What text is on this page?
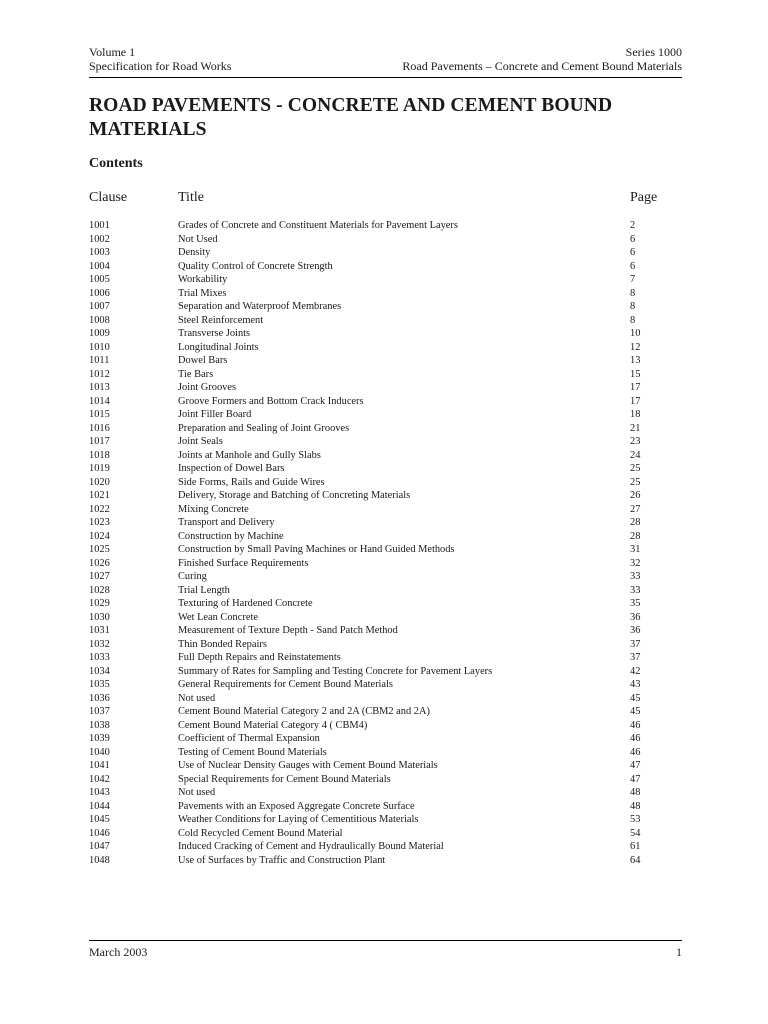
Volume 1	Series 1000
Specification for Road Works	Road Pavements – Concrete and Cement Bound Materials
ROAD PAVEMENTS - CONCRETE AND CEMENT BOUND MATERIALS
Contents
Clause	Title	Page
1001	Grades of Concrete and Constituent Materials for Pavement Layers	2
1002	Not Used	6
1003	Density	6
1004	Quality Control of Concrete Strength	6
1005	Workability	7
1006	Trial Mixes	8
1007	Separation and Waterproof Membranes	8
1008	Steel Reinforcement	8
1009	Transverse Joints	10
1010	Longitudinal Joints	12
1011	Dowel Bars	13
1012	Tie Bars	15
1013	Joint Grooves	17
1014	Groove Formers and Bottom Crack Inducers	17
1015	Joint Filler Board	18
1016	Preparation and Sealing of Joint Grooves	21
1017	Joint Seals	23
1018	Joints at Manhole and Gully Slabs	24
1019	Inspection of Dowel Bars	25
1020	Side Forms, Rails and Guide Wires	25
1021	Delivery, Storage and Batching of Concreting Materials	26
1022	Mixing Concrete	27
1023	Transport and Delivery	28
1024	Construction by Machine	28
1025	Construction by Small Paving Machines or Hand Guided Methods	31
1026	Finished Surface Requirements	32
1027	Curing	33
1028	Trial Length	33
1029	Texturing of Hardened Concrete	35
1030	Wet Lean Concrete	36
1031	Measurement of Texture Depth - Sand Patch Method	36
1032	Thin Bonded Repairs	37
1033	Full Depth Repairs and Reinstatements	37
1034	Summary of Rates for Sampling and Testing Concrete for Pavement Layers	42
1035	General Requirements for Cement Bound Materials	43
1036	Not used	45
1037	Cement Bound Material Category 2 and 2A (CBM2 and 2A)	45
1038	Cement Bound Material Category 4 ( CBM4)	46
1039	Coefficient of Thermal Expansion	46
1040	Testing of Cement Bound Materials	46
1041	Use of Nuclear Density Gauges with Cement Bound Materials	47
1042	Special Requirements for Cement Bound Materials	47
1043	Not used	48
1044	Pavements with an Exposed Aggregate Concrete Surface	48
1045	Weather Conditions for Laying of Cementitious Materials	53
1046	Cold Recycled Cement Bound Material	54
1047	Induced Cracking of Cement and Hydraulically Bound Material	61
1048	Use of Surfaces by Traffic and Construction Plant	64
March 2003	1
